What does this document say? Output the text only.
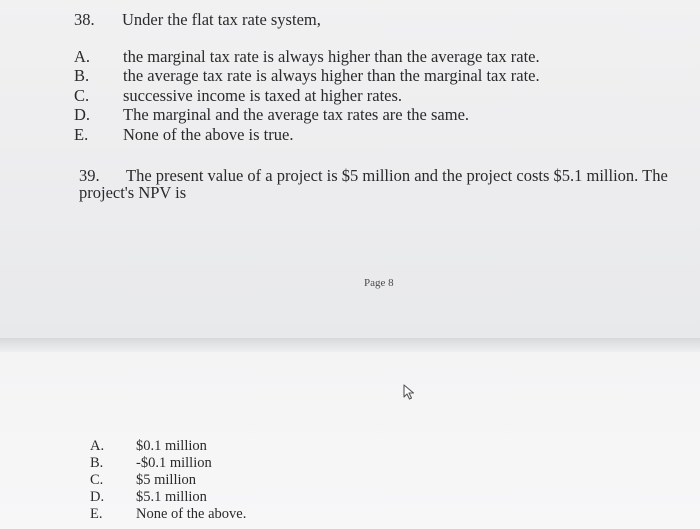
38. Under the flat tax rate system,
A. the marginal tax rate is always higher than the average tax rate.
B. the average tax rate is always higher than the marginal tax rate.
C. successive income is taxed at higher rates.
D. The marginal and the average tax rates are the same.
E. None of the above is true.
39. The present value of a project is $5 million and the project costs $5.1 million. The
project's NPV is
A. $0.1 million
B. -$0.1 million
C. $5 million
D. $5.1 million
E. None of the above.
Page 8
